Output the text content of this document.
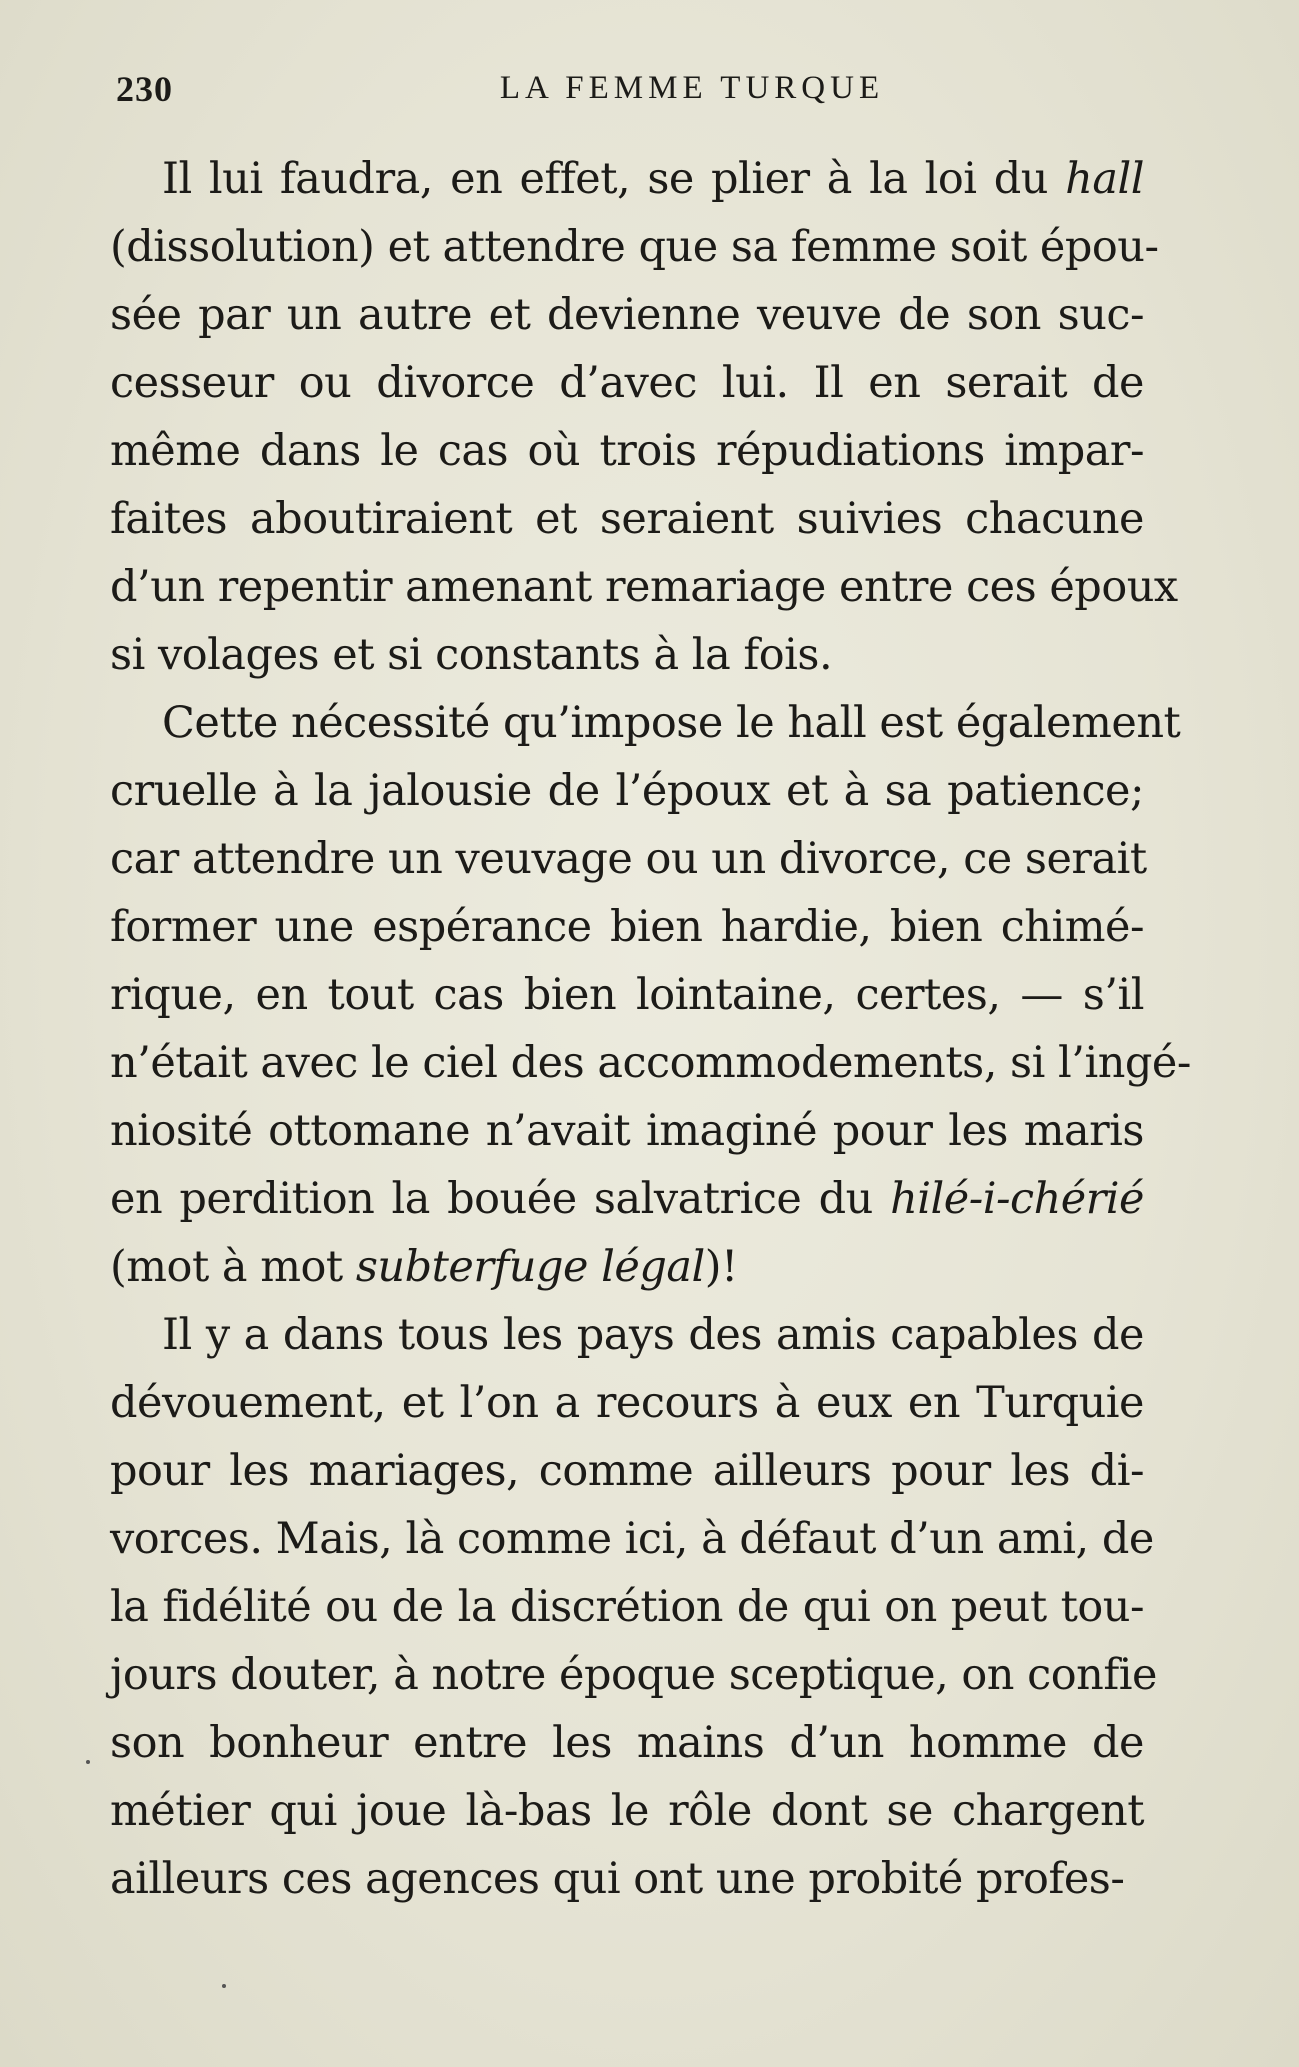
230	LA FEMME TURQUE
Il lui faudra, en effet, se plier à la loi du hall
(dissolution) et attendre que sa femme soit épou-
sée par un autre et devienne veuve de son suc-
cesseur ou divorce d’avec lui. Il en serait de
même dans le cas où trois répudiations impar-
faites aboutiraient et seraient suivies chacune
d’un repentir amenant remariage entre ces époux
si volages et si constants à la fois.
Cette nécessité qu’impose le hall est également
cruelle à la jalousie de l’époux et à sa patience;
car attendre un veuvage ou un divorce, ce serait
former une espérance bien hardie, bien chimé-
rique, en tout cas bien lointaine, certes, — s’il
n’était avec le ciel des accommodements, si l’ingé-
niosité ottomane n’avait imaginé pour les maris
en perdition la bouée salvatrice du hilé-i-chérié
(mot à mot subterfuge légal)!
Il y a dans tous les pays des amis capables de
dévouement, et l’on a recours à eux en Turquie
pour les mariages, comme ailleurs pour les di-
vorces. Mais, là comme ici, à défaut d’un ami, de
la fidélité ou de la discrétion de qui on peut tou-
jours douter, à notre époque sceptique, on confie
son bonheur entre les mains d’un homme de
métier qui joue là-bas le rôle dont se chargent
ailleurs ces agences qui ont une probité profes-
